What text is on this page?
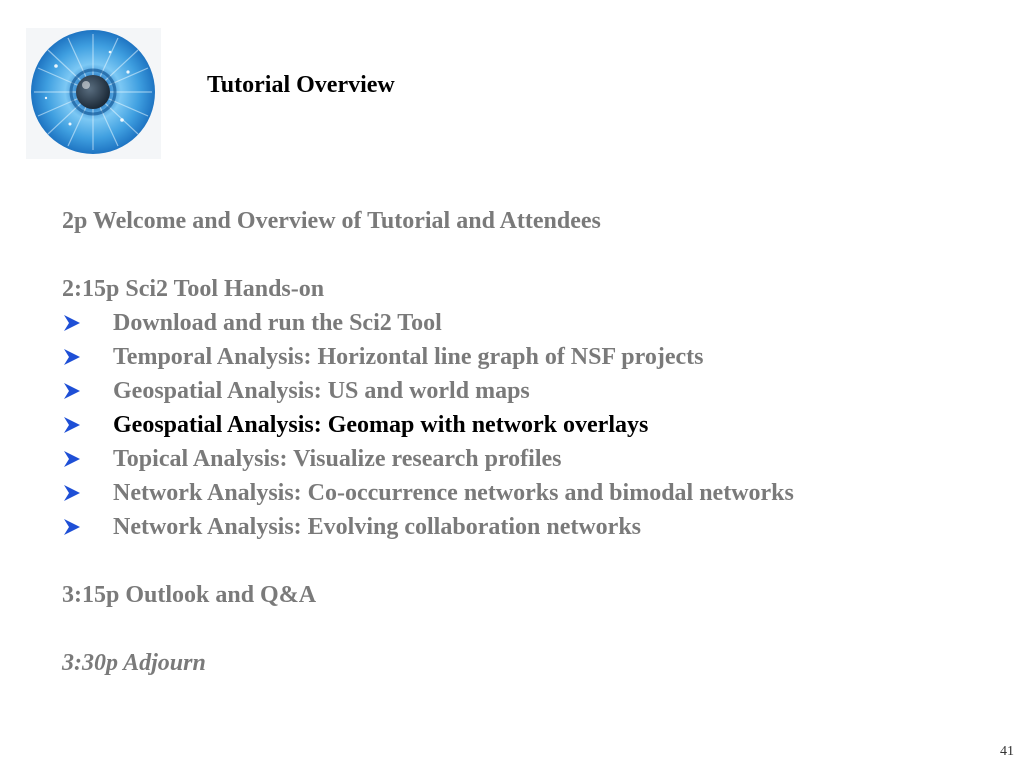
Tutorial Overview
2p Welcome and Overview of Tutorial and Attendees
2:15p Sci2 Tool Hands-on
Download and run the Sci2 Tool
Temporal Analysis: Horizontal line graph of NSF projects
Geospatial Analysis: US and world maps
Geospatial Analysis: Geomap with network overlays
Topical Analysis: Visualize research profiles
Network Analysis: Co-occurrence networks and bimodal networks
Network Analysis: Evolving collaboration networks
3:15p Outlook and Q&A
3:30p Adjourn
41
